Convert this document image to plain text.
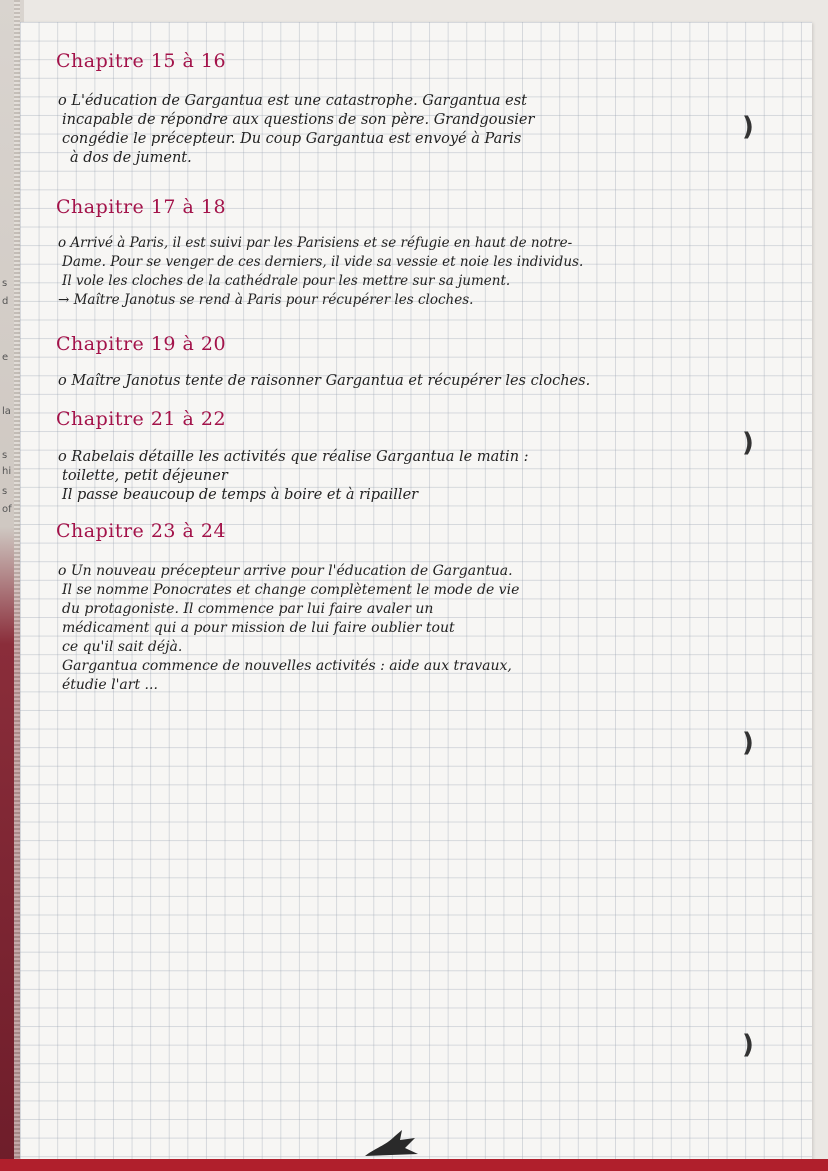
s
d
e
la
s
hi
s
of
)
)
)
)
Chapitre 15 à 16
o L'éducation de Gargantua est une catastrophe. Gargantua est
incapable de répondre aux questions de son père. Grandgousier
congédie le précepteur. Du coup Gargantua est envoyé à Paris
à dos de jument.
Chapitre 17 à 18
o Arrivé à Paris, il est suivi par les Parisiens et se réfugie en haut de notre-
Dame. Pour se venger de ces derniers, il vide sa vessie et noie les individus.
Il vole les cloches de la cathédrale pour les mettre sur sa jument.
→ Maître Janotus se rend à Paris pour récupérer les cloches.
Chapitre 19 à 20
o Maître Janotus tente de raisonner Gargantua et récupérer les cloches.
Chapitre 21 à 22
o Rabelais détaille les activités que réalise Gargantua le matin :
toilette, petit déjeuner
Il passe beaucoup de temps à boire et à ripailler
Chapitre 23 à 24
o Un nouveau précepteur arrive pour l'éducation de Gargantua.
Il se nomme Ponocrates et change complètement le mode de vie
du protagoniste. Il commence par lui faire avaler un
médicament qui a pour mission de lui faire oublier tout
ce qu'il sait déjà.
Gargantua commence de nouvelles activités : aide aux travaux,
étudie l'art ...
